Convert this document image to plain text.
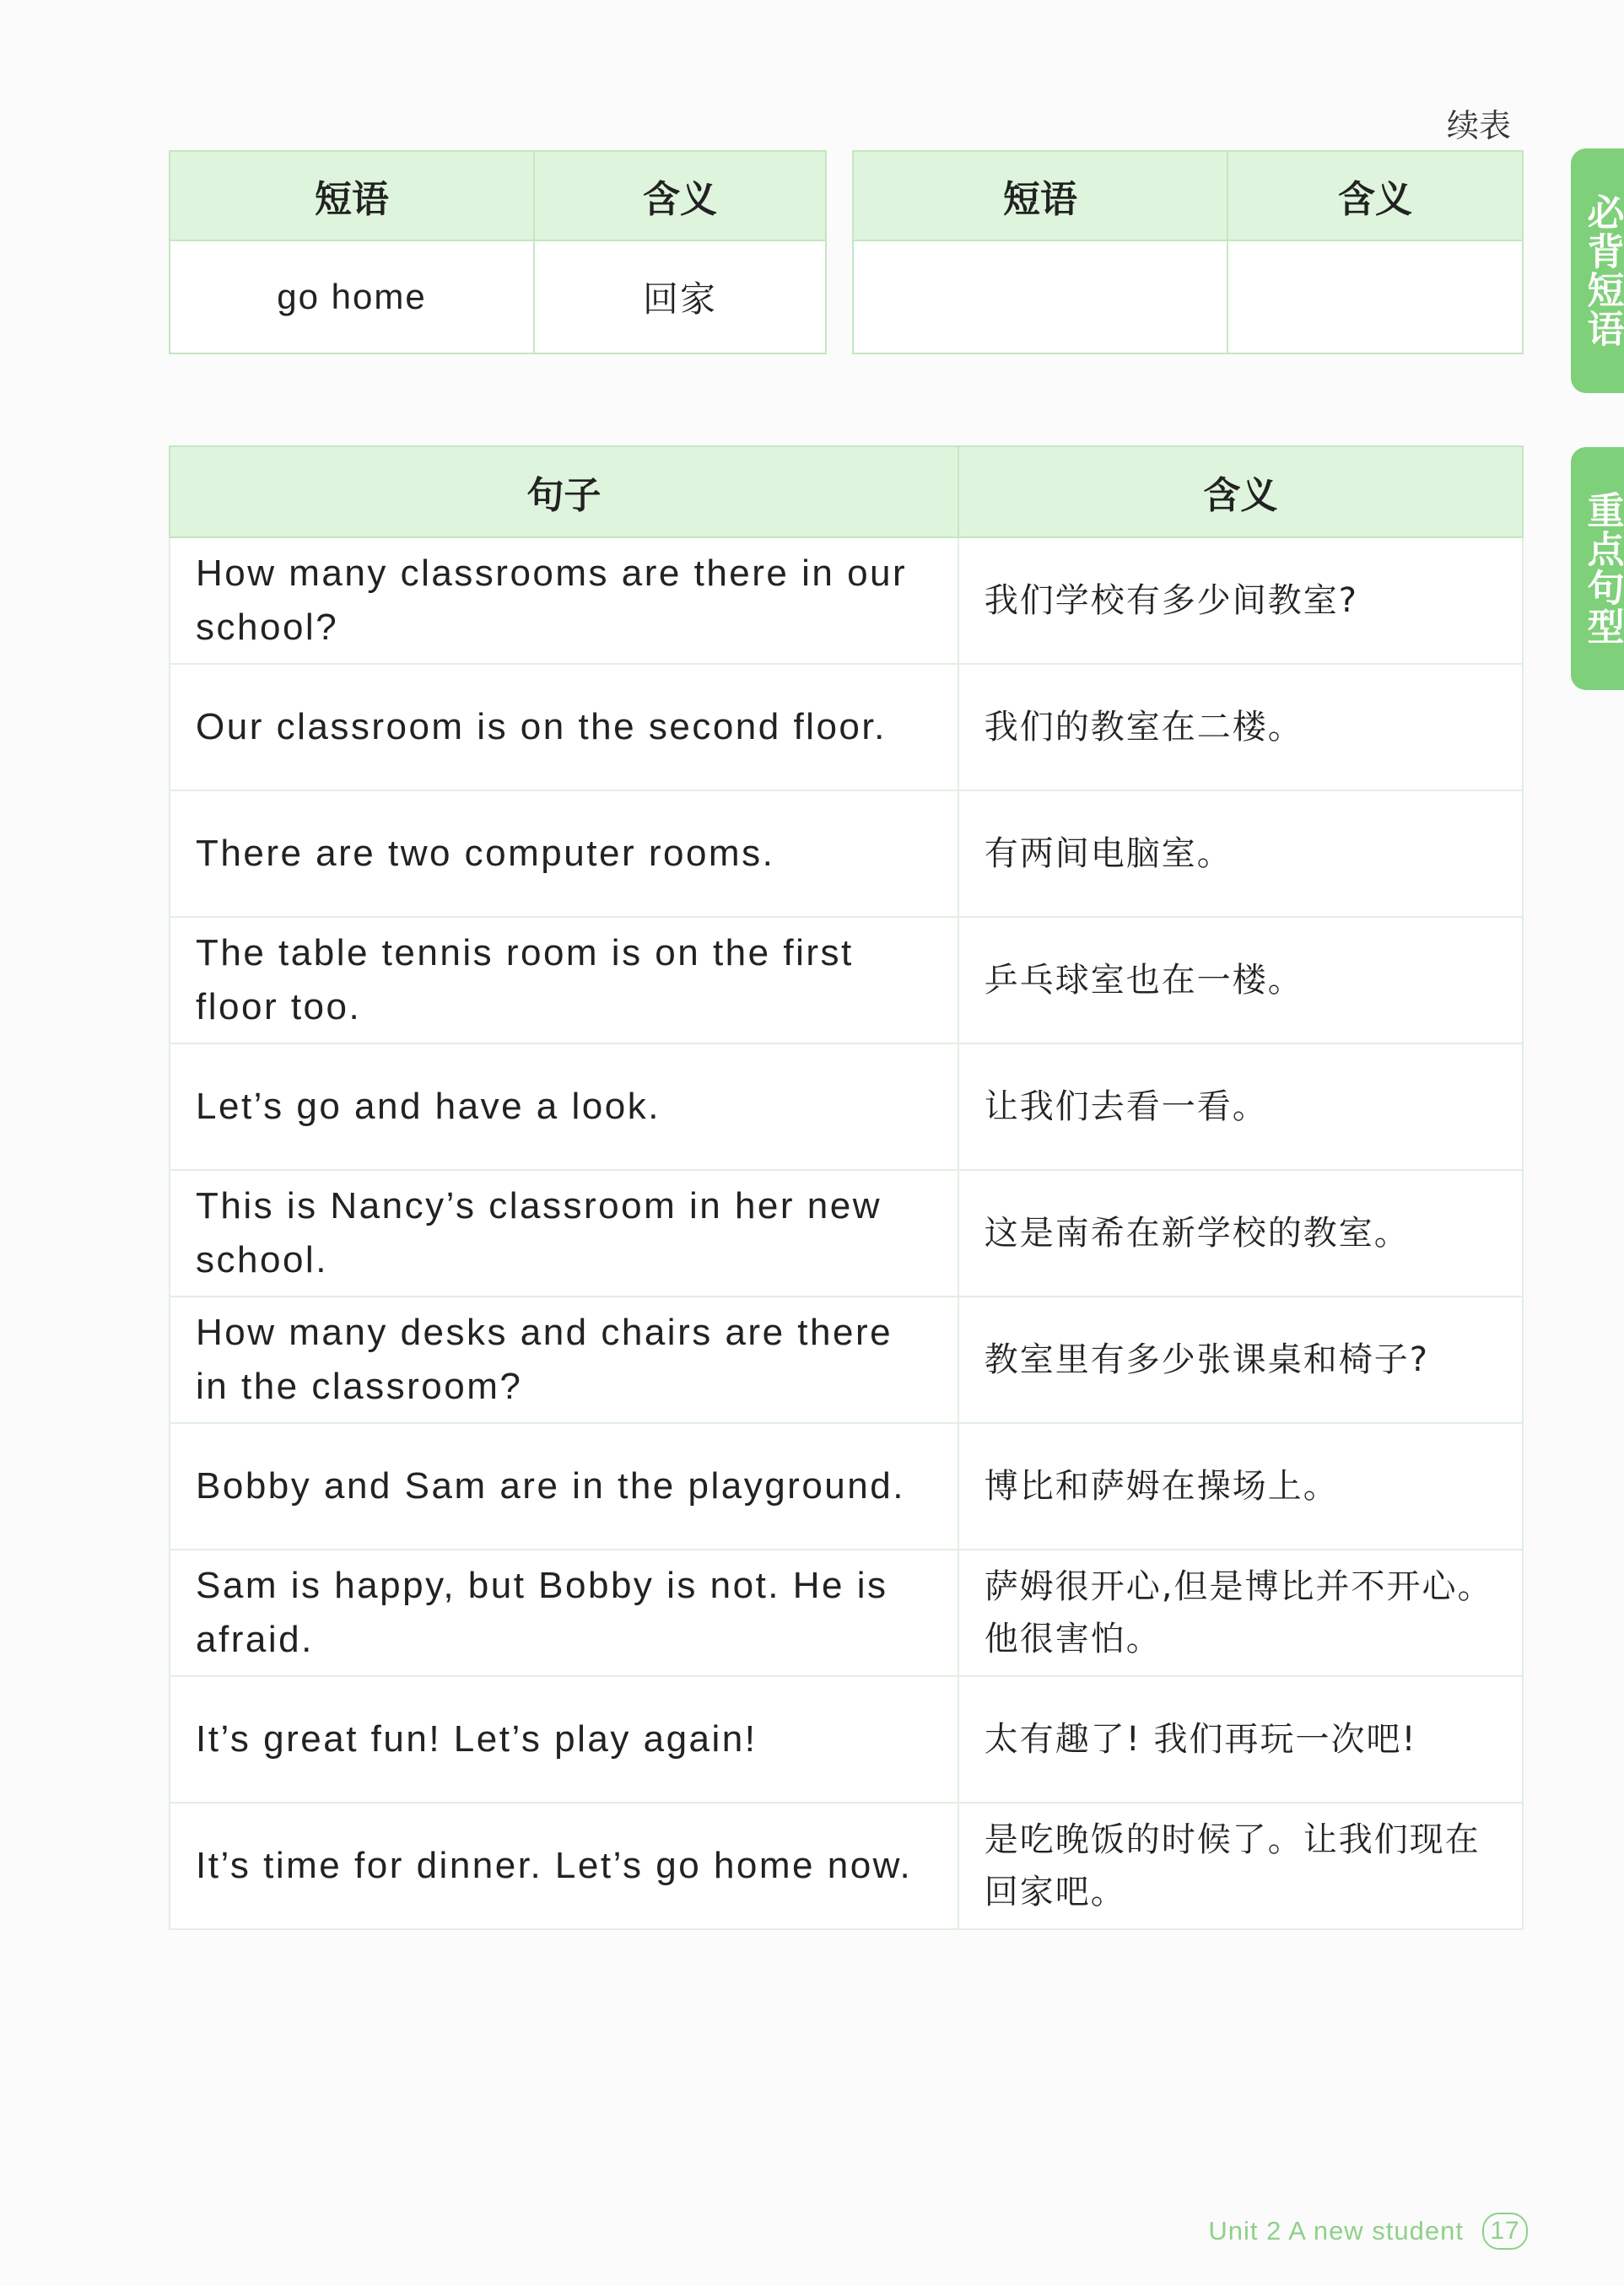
续表
短语	含义
go home	回家
短语	含义

句子	含义
How many classrooms are there in our school?	我们学校有多少间教室?
Our classroom is on the second floor.	我们的教室在二楼。
There are two computer rooms.	有两间电脑室。
The table tennis room is on the first floor too.	乒乓球室也在一楼。
Let’s go and have a look.	让我们去看一看。
This is Nancy’s classroom in her new school.	这是南希在新学校的教室。
How many desks and chairs are there in the classroom?	教室里有多少张课桌和椅子?
Bobby and Sam are in the playground.	博比和萨姆在操场上。
Sam is happy, but Bobby is not. He is afraid.	萨姆很开心,但是博比并不开心。他很害怕。
It’s great fun! Let’s play again!	太有趣了! 我们再玩一次吧!
It’s time for dinner. Let’s go home now.	是吃晚饭的时候了。让我们现在回家吧。
必背短语
重点句型
Unit 2 A new student	17
